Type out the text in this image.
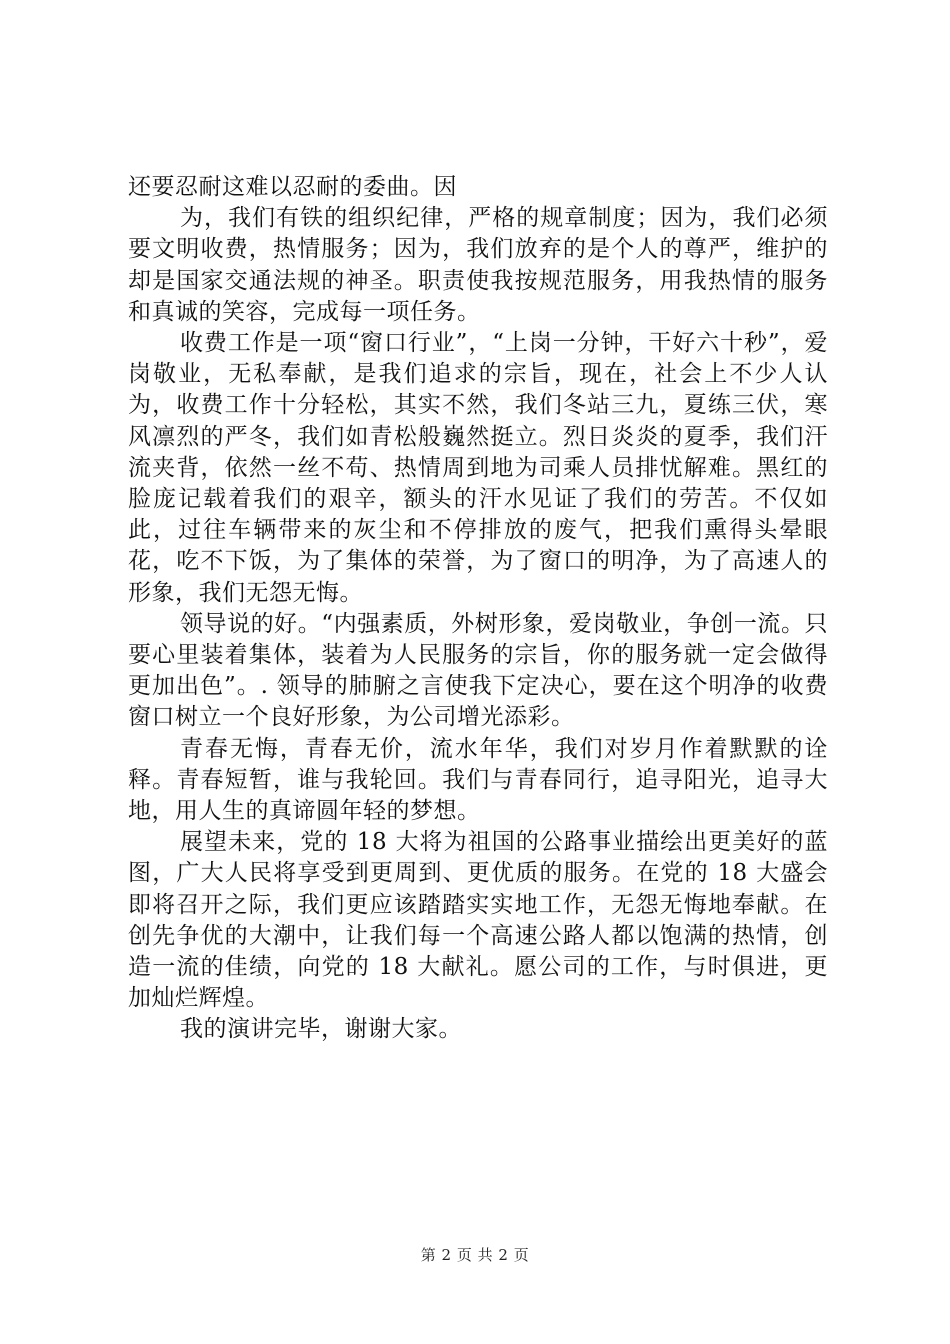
还要忍耐这难以忍耐的委曲。因

为，我们有铁的组织纪律，严格的规章制度；因为，我们必须要文明收费，热情服务；因为，我们放弃的是个人的尊严，维护的却是国家交通法规的神圣。职责使我按规范服务，用我热情的服务和真诚的笑容，完成每一项任务。

收费工作是一项“窗口行业”，“上岗一分钟，干好六十秒”，爱岗敬业，无私奉献，是我们追求的宗旨，现在，社会上不少人认为，收费工作十分轻松，其实不然，我们冬站三九，夏练三伏，寒风凛烈的严冬，我们如青松般巍然挺立。烈日炎炎的夏季，我们汗流夹背，依然一丝不苟、热情周到地为司乘人员排忧解难。黑红的脸庞记载着我们的艰辛，额头的汗水见证了我们的劳苦。不仅如此，过往车辆带来的灰尘和不停排放的废气，把我们熏得头晕眼花，吃不下饭，为了集体的荣誉，为了窗口的明净，为了高速人的形象，我们无怨无悔。

领导说的好。“内强素质，外树形象，爱岗敬业，争创一流。只要心里装着集体，装着为人民服务的宗旨，你的服务就一定会做得更加出色”。. 领导的肺腑之言使我下定决心，要在这个明净的收费窗口树立一个良好形象，为公司增光添彩。

青春无悔，青春无价，流水年华，我们对岁月作着默默的诠释。青春短暂，谁与我轮回。我们与青春同行，追寻阳光，追寻大地，用人生的真谛圆年轻的梦想。

展望未来，党的 18 大将为祖国的公路事业描绘出更美好的蓝图，广大人民将享受到更周到、更优质的服务。在党的 18 大盛会即将召开之际，我们更应该踏踏实实地工作，无怨无悔地奉献。在创先争优的大潮中，让我们每一个高速公路人都以饱满的热情，创造一流的佳绩，向党的 18 大献礼。愿公司的工作，与时俱进，更加灿烂辉煌。

我的演讲完毕，谢谢大家。

第 2 页 共 2 页
